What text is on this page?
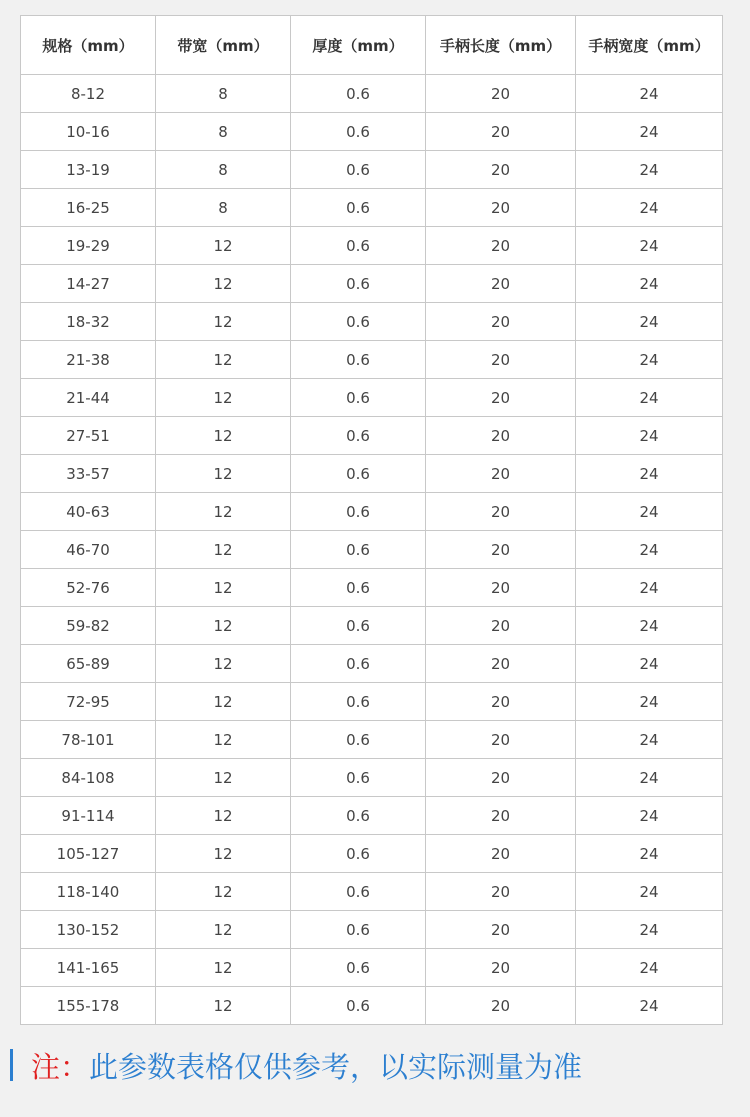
规格（mm）	带宽（mm）	厚度（mm）	手柄长度（mm）	手柄宽度（mm）
8-12	8	0.6	20	24
10-16	8	0.6	20	24
13-19	8	0.6	20	24
16-25	8	0.6	20	24
19-29	12	0.6	20	24
14-27	12	0.6	20	24
18-32	12	0.6	20	24
21-38	12	0.6	20	24
21-44	12	0.6	20	24
27-51	12	0.6	20	24
33-57	12	0.6	20	24
40-63	12	0.6	20	24
46-70	12	0.6	20	24
52-76	12	0.6	20	24
59-82	12	0.6	20	24
65-89	12	0.6	20	24
72-95	12	0.6	20	24
78-101	12	0.6	20	24
84-108	12	0.6	20	24
91-114	12	0.6	20	24
105-127	12	0.6	20	24
118-140	12	0.6	20	24
130-152	12	0.6	20	24
141-165	12	0.6	20	24
155-178	12	0.6	20	24
注： 此参数表格仅供参考，以实际测量为准
